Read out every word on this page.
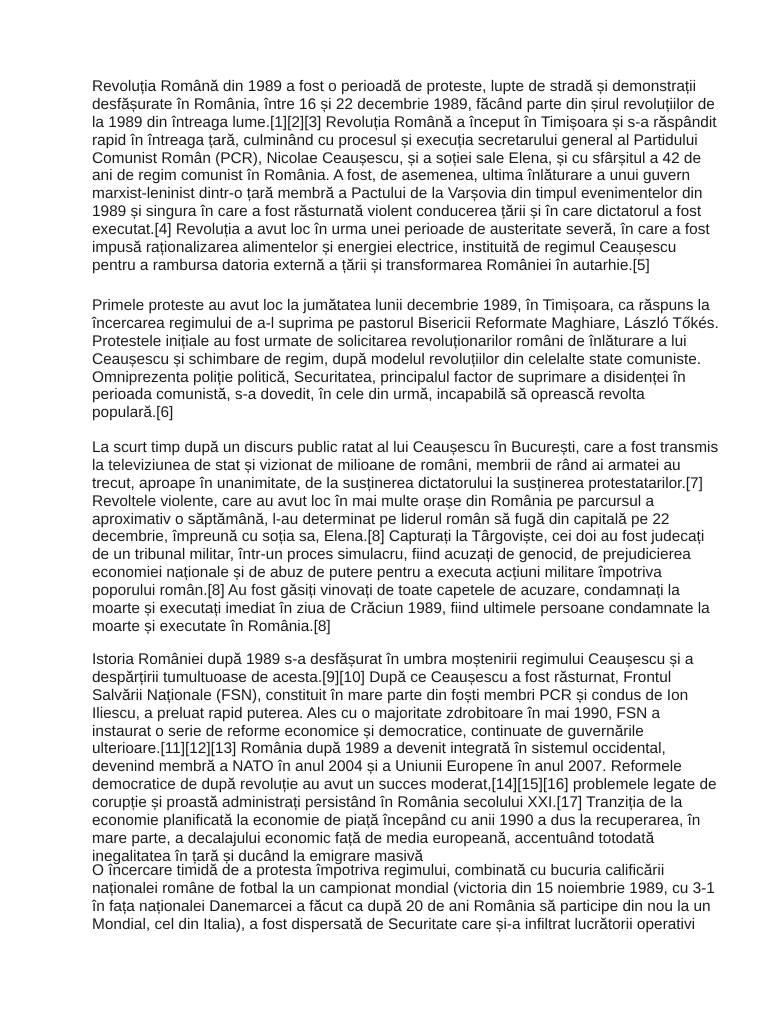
Revoluția Română din 1989 a fost o perioadă de proteste, lupte de stradă și demonstrații
desfășurate în România, între 16 și 22 decembrie 1989, făcând parte din șirul revoluțiilor de
la 1989 din întreaga lume.[1][2][3] Revoluția Română a început în Timișoara și s-a răspândit
rapid în întreaga țară, culminând cu procesul și execuția secretarului general al Partidului
Comunist Român (PCR), Nicolae Ceaușescu, și a soției sale Elena, și cu sfârșitul a 42 de
ani de regim comunist în România. A fost, de asemenea, ultima înlăturare a unui guvern
marxist-leninist dintr-o țară membră a Pactului de la Varșovia din timpul evenimentelor din
1989 și singura în care a fost răsturnată violent conducerea țării și în care dictatorul a fost
executat.[4] Revoluția a avut loc în urma unei perioade de austeritate severă, în care a fost
impusă raționalizarea alimentelor și energiei electrice, instituită de regimul Ceaușescu
pentru a rambursa datoria externă a țării și transformarea României în autarhie.[5]
Primele proteste au avut loc la jumătatea lunii decembrie 1989, în Timișoara, ca răspuns la
încercarea regimului de a-l suprima pe pastorul Bisericii Reformate Maghiare, László Tőkés.
Protestele inițiale au fost urmate de solicitarea revoluționarilor români de înlăturare a lui
Ceaușescu și schimbare de regim, după modelul revoluțiilor din celelalte state comuniste.
Omniprezenta poliție politică, Securitatea, principalul factor de suprimare a disidenței în
perioada comunistă, s-a dovedit, în cele din urmă, incapabilă să oprească revolta
populară.[6]
La scurt timp după un discurs public ratat al lui Ceaușescu în București, care a fost transmis
la televiziunea de stat și vizionat de milioane de români, membrii de rând ai armatei au
trecut, aproape în unanimitate, de la susținerea dictatorului la susținerea protestatarilor.[7]
Revoltele violente, care au avut loc în mai multe orașe din România pe parcursul a
aproximativ o săptămână, l-au determinat pe liderul român să fugă din capitală pe 22
decembrie, împreună cu soția sa, Elena.[8] Capturați la Târgoviște, cei doi au fost judecați
de un tribunal militar, într-un proces simulacru, fiind acuzați de genocid, de prejudicierea
economiei naționale și de abuz de putere pentru a executa acțiuni militare împotriva
poporului român.[8] Au fost găsiți vinovați de toate capetele de acuzare, condamnați la
moarte și executați imediat în ziua de Crăciun 1989, fiind ultimele persoane condamnate la
moarte și executate în România.[8]
Istoria României după 1989 s-a desfășurat în umbra moștenirii regimului Ceaușescu și a
despărțirii tumultuoase de acesta.[9][10] După ce Ceaușescu a fost răsturnat, Frontul
Salvării Naționale (FSN), constituit în mare parte din foști membri PCR și condus de Ion
Iliescu, a preluat rapid puterea. Ales cu o majoritate zdrobitoare în mai 1990, FSN a
instaurat o serie de reforme economice și democratice, continuate de guvernările
ulterioare.[11][12][13] România după 1989 a devenit integrată în sistemul occidental,
devenind membră a NATO în anul 2004 și a Uniunii Europene în anul 2007. Reformele
democratice de după revoluție au avut un succes moderat,[14][15][16] problemele legate de
corupție și proastă administrați persistând în România secolului XXI.[17] Tranziția de la
economie planificată la economie de piață începând cu anii 1990 a dus la recuperarea, în
mare parte, a decalajului economic față de media europeană, accentuând totodată
inegalitatea în țară și ducând la emigrare masivă
O încercare timidă de a protesta împotriva regimului, combinată cu bucuria calificării
naționalei române de fotbal la un campionat mondial (victoria din 15 noiembrie 1989, cu 3-1
în fața naționalei Danemarcei a făcut ca după 20 de ani România să participe din nou la un
Mondial, cel din Italia), a fost dispersată de Securitate care și-a infiltrat lucrătorii operativi
